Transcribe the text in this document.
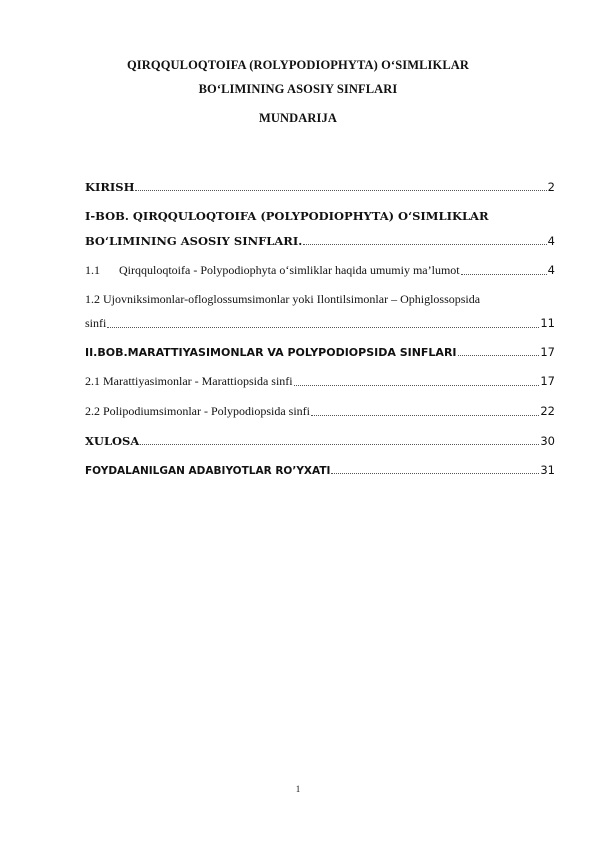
QIRQQULOQTOIFA (ROLYPODIOPHYTA) O‘SIMLIKLAR
BO‘LIMINING ASOSIY SINFLARI
MUNDARIJA
KIRISH	2
I-BOB. QIRQQULOQTOIFA (POLYPODIOPHYTA) O‘SIMLIKLAR
BO‘LIMINING ASOSIY SINFLARI.	4
1.1	Qirqquloqtoifa - Polypodiophyta o‘simliklar haqida umumiy ma’lumot	4
1.2 Ujovniksimonlar-ofloglossumsimonlar yoki Ilontilsimonlar – Ophiglossopsida
sinfi	11
II.BOB.MARATTIYASIMONLAR VA POLYPODIOPSIDA SINFLARI	17
2.1 Marattiyasimonlar - Marattiopsida sinfi	17
2.2 Polipodiumsimonlar - Polypodiopsida sinfi	22
XULOSA	30
FOYDALANILGAN ADABIYOTLAR RO’YXATI	31
1
